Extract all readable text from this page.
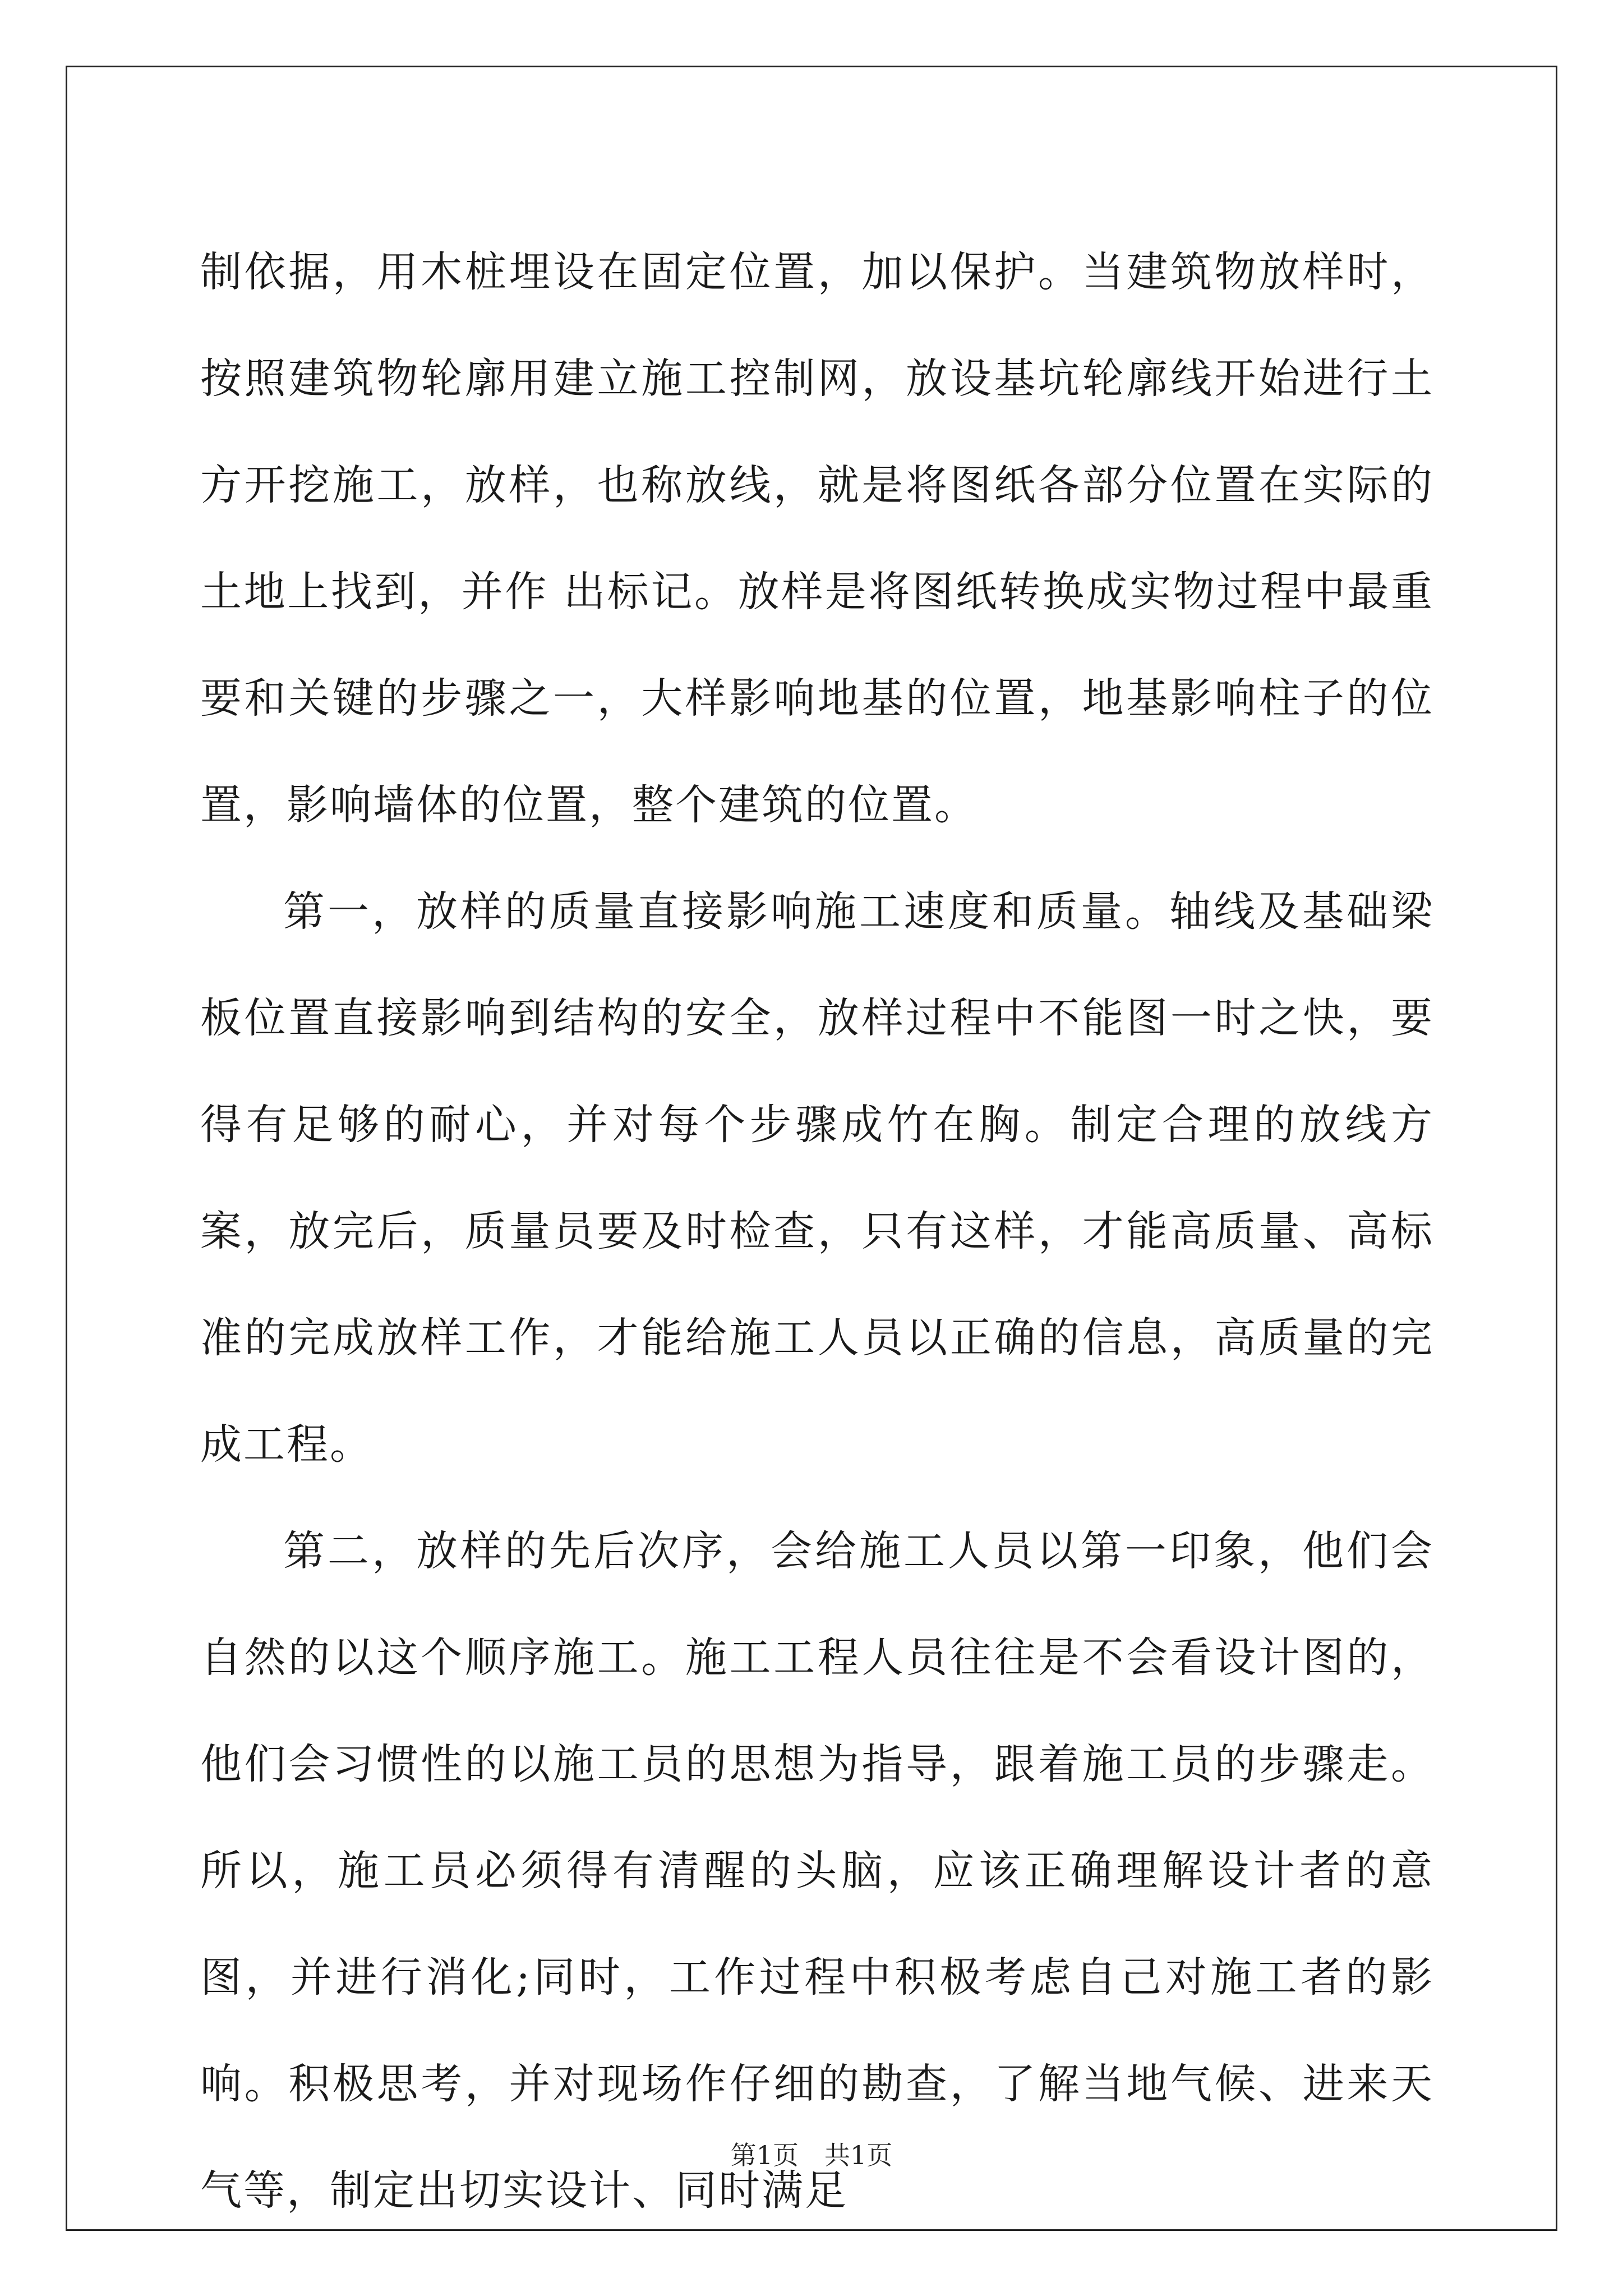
制依据，用木桩埋设在固定位置，加以保护。当建筑物放样时，按照建筑物轮廓用建立施工控制网，放设基坑轮廓线开始进行土方开挖施工，放样，也称放线，就是将图纸各部分位置在实际的土地上找到，并作 出标记。放样是将图纸转换成实物过程中最重要和关键的步骤之一，大样影响地基的位置，地基影响柱子的位置，影响墙体的位置，整个建筑的位置。

第一，放样的质量直接影响施工速度和质量。轴线及基础梁板位置直接影响到结构的安全，放样过程中不能图一时之快，要得有足够的耐心，并对每个步骤成竹在胸。制定合理的放线方案，放完后，质量员要及时检查，只有这样，才能高质量、高标准的完成放样工作，才能给施工人员以正确的信息，高质量的完成工程。

第二，放样的先后次序，会给施工人员以第一印象，他们会自然的以这个顺序施工。施工工程人员往往是不会看设计图的，他们会习惯性的以施工员的思想为指导，跟着施工员的步骤走。所以，施工员必须得有清醒的头脑，应该正确理解设计者的意图，并进行消化;同时，工作过程中积极考虑自己对施工者的影响。积极思考，并对现场作仔细的勘查，了解当地气候、进来天气等，制定出切实设计、同时满足

第1页　共1页
